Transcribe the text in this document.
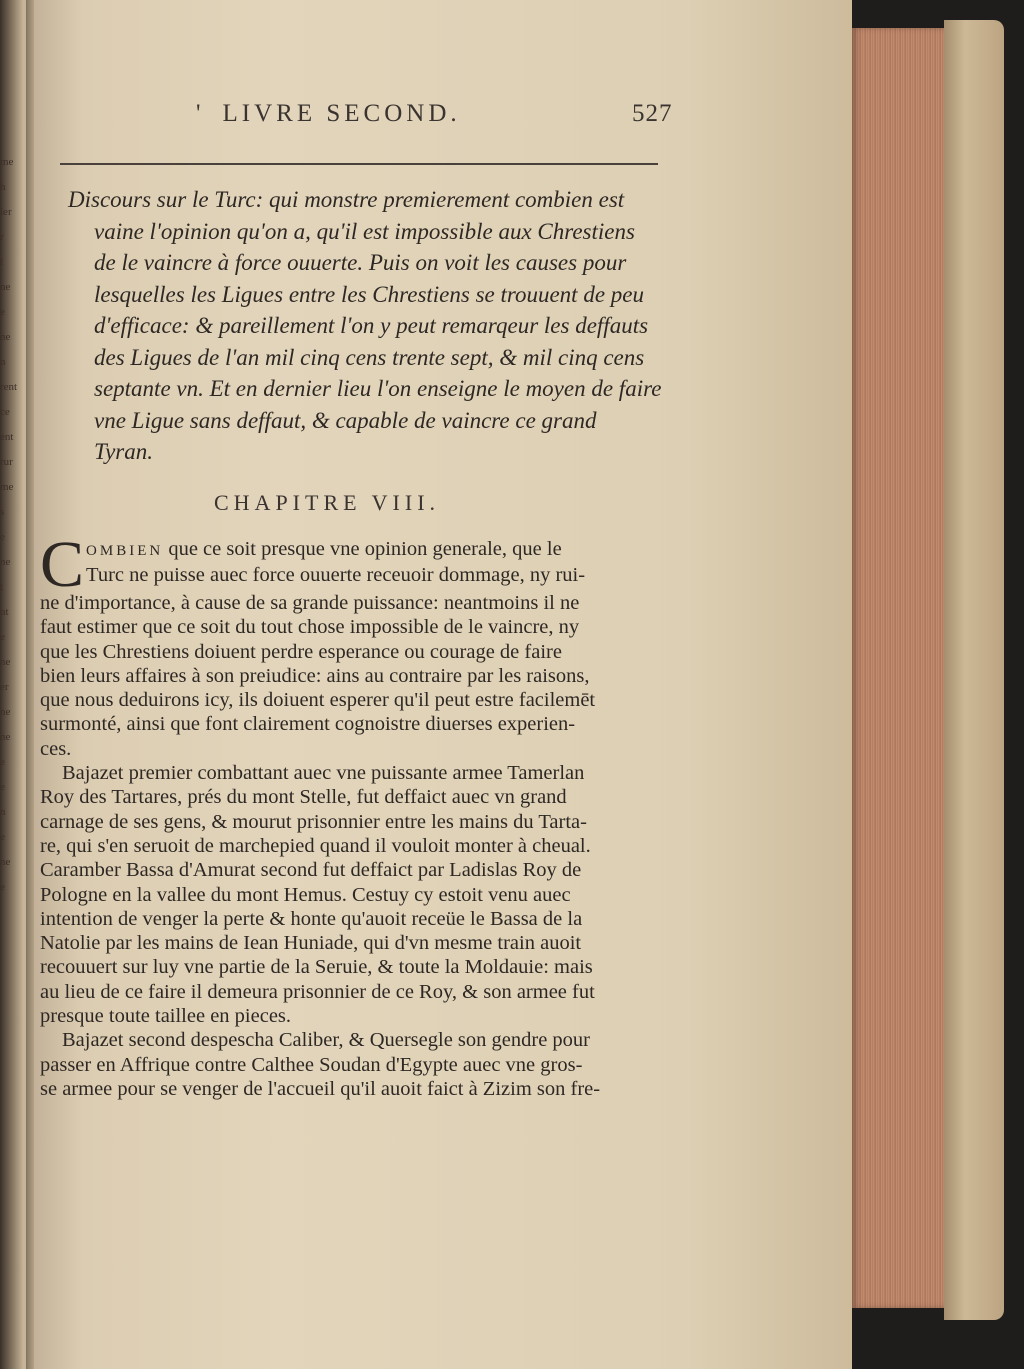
me
h
ier
r
t
ne
e
ne
n
rent
ce
ent
rur
me
s
e
ne
t
nt
e
ne
er
ne
ne
e
e
n
e
ne
e
' LIVRE SECOND.	527
Discours sur le Turc: qui monstre premierement combien est
vaine l'opinion qu'on a, qu'il est impossible aux Chrestiens
de le vaincre à force ouuerte. Puis on voit les causes pour
lesquelles les Ligues entre les Chrestiens se trouuent de peu
d'efficace: & pareillement l'on y peut remarqeur les deffauts
des Ligues de l'an mil cinq cens trente sept, & mil cinq cens
septante vn. Et en dernier lieu l'on enseigne le moyen de faire
vne Ligue sans deffaut, & capable de vaincre ce grand
Tyran.
CHAPITRE VIII.
C OMBIEN que ce soit presque vne opinion generale, que le
Turc ne puisse auec force ouuerte receuoir dommage, ny rui-
ne d'importance, à cause de sa grande puissance: neantmoins il ne
faut estimer que ce soit du tout chose impossible de le vaincre, ny
que les Chrestiens doiuent perdre esperance ou courage de faire
bien leurs affaires à son preiudice: ains au contraire par les raisons,
que nous deduirons icy, ils doiuent esperer qu'il peut estre facilemēt
surmonté, ainsi que font clairement cognoistre diuerses experien-
ces.
Bajazet premier combattant auec vne puissante armee Tamerlan
Roy des Tartares, prés du mont Stelle, fut deffaict auec vn grand
carnage de ses gens, & mourut prisonnier entre les mains du Tarta-
re, qui s'en seruoit de marchepied quand il vouloit monter à cheual.
Caramber Bassa d'Amurat second fut deffaict par Ladislas Roy de
Pologne en la vallee du mont Hemus. Cestuy cy estoit venu auec
intention de venger la perte & honte qu'auoit receüe le Bassa de la
Natolie par les mains de Iean Huniade, qui d'vn mesme train auoit
recouuert sur luy vne partie de la Seruie, & toute la Moldauie: mais
au lieu de ce faire il demeura prisonnier de ce Roy, & son armee fut
presque toute taillee en pieces.
Bajazet second despescha Caliber, & Quersegle son gendre pour
passer en Affrique contre Calthee Soudan d'Egypte auec vne gros-
se armee pour se venger de l'accueil qu'il auoit faict à Zizim son fre-
